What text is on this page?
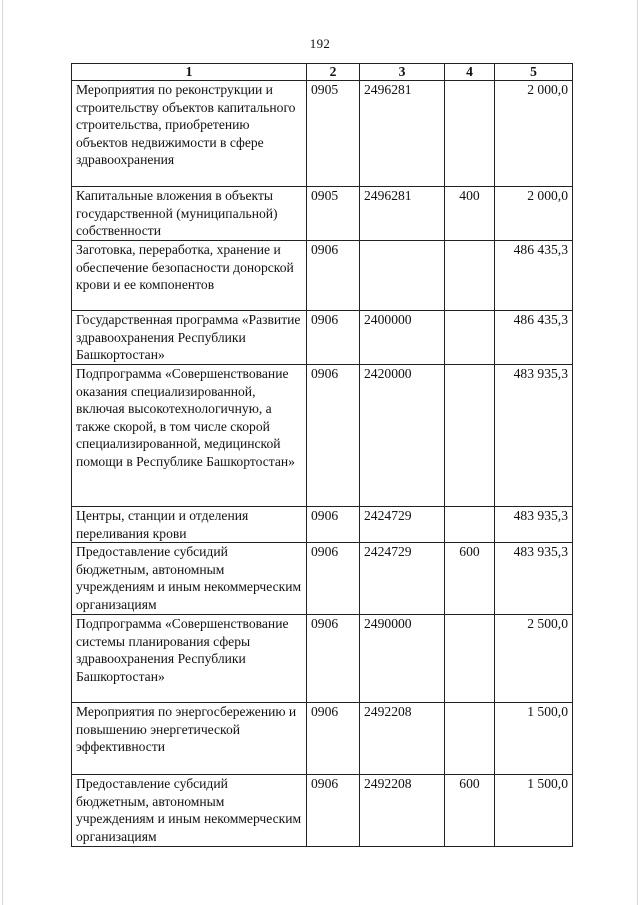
192
1	2	3	4	5
Мероприятия по реконструкции и строительству объектов капитального строительства, приобретению объектов недвижимости в сфере здравоохранения	0905	2496281		2 000,0
Капитальные вложения в объекты государственной (муниципальной) собственности	0905	2496281	400	2 000,0
Заготовка, переработка, хранение и обеспечение безопасности донорской крови и ее компонентов	0906			486 435,3
Государственная программа «Развитие здравоохранения Республики Башкортостан»	0906	2400000		486 435,3
Подпрограмма «Совершенствование оказания специализированной, включая высокотехнологичную, а также скорой, в том числе скорой специализированной, медицинской помощи в Республике Башкортостан»	0906	2420000		483 935,3
Центры, станции и отделения переливания крови	0906	2424729		483 935,3
Предоставление субсидий бюджетным, автономным учреждениям и иным некоммерческим организациям	0906	2424729	600	483 935,3
Подпрограмма «Совершенствование системы планирования сферы здравоохранения Республики Башкортостан»	0906	2490000		2 500,0
Мероприятия по энергосбережению и повышению энергетической эффективности	0906	2492208		1 500,0
Предоставление субсидий бюджетным, автономным учреждениям и иным некоммерческим организациям	0906	2492208	600	1 500,0
